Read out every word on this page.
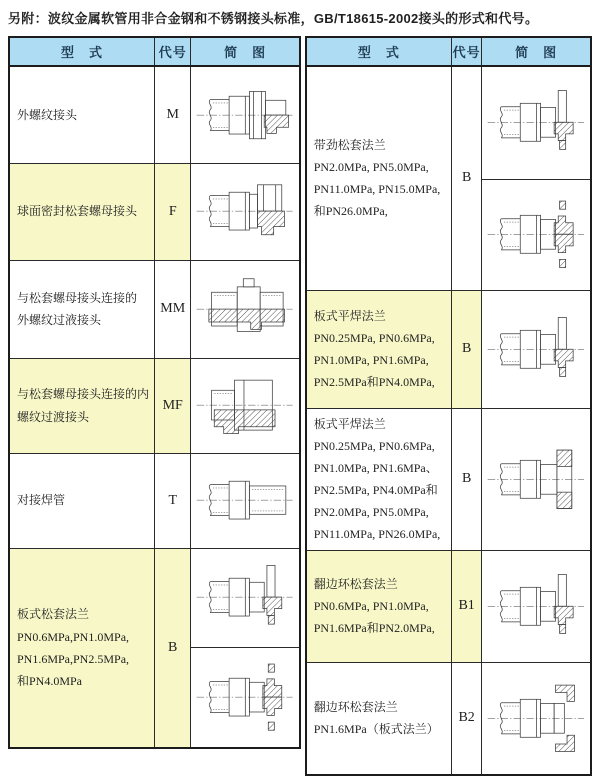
另附：波纹金属软管用非合金钢和不锈钢接头标准，GB/T18615-2002接头的形式和代号。
型　式	代号	简　图

外螺纹接头	M	

球面密封松套螺母接头	F	

与松套螺母接头连接的
外螺纹过液接头	MM	

与松套螺母接头连接的内
螺纹过渡接头	MF	

对接焊管	T	

板式松套法兰
PN0.6MPa,PN1.0MPa,
PN1.6MPa,PN2.5MPa,
和PN4.0MPa	B	

型　式	代号	简　图

带劲松套法兰
PN2.0MPa, PN5.0MPa,
PN11.0MPa, PN15.0MPa,
和PN26.0MPa,	B	

板式平焊法兰
PN0.25MPa, PN0.6MPa,
PN1.0MPa, PN1.6MPa,
PN2.5MPa和PN4.0MPa,	B	

板式平焊法兰
PN0.25MPa, PN0.6MPa,
PN1.0MPa, PN1.6MPa、
PN2.5MPa, PN4.0MPa和
PN2.0MPa, PN5.0MPa,
PN11.0MPa, PN26.0MPa,
	B	

翻边环松套法兰
PN0.6MPa, PN1.0MPa,
PN1.6MPa和PN2.0MPa,	B1	

翻边环松套法兰
PN1.6MPa（板式法兰）	B2	
